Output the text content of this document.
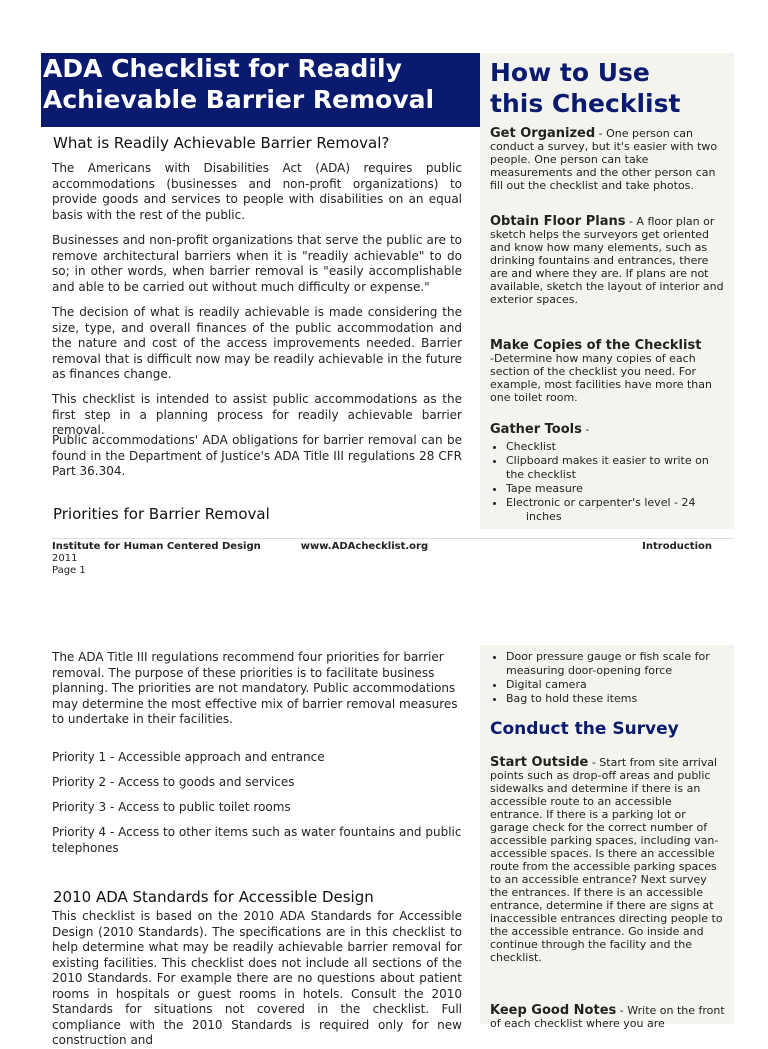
ADA Checklist for Readily
Achievable Barrier Removal
How to Use
this Checklist
Get Organized - One person can conduct a survey, but it's easier with two people. One person can take measurements and the other person can fill out the checklist and take photos.
Obtain Floor Plans - A floor plan or sketch helps the surveyors get oriented and know how many elements, such as drinking fountains and entrances, there are and where they are. If plans are not available, sketch the layout of interior and exterior spaces.
Make Copies of the Checklist
-Determine how many copies of each section of the checklist you need. For example, most facilities have more than one toilet room.
Gather Tools -
• Checklist
• Clipboard makes it easier to write on the checklist
• Tape measure
• Electronic or carpenter's level - 24
inches
What is Readily Achievable Barrier Removal?
The Americans with Disabilities Act (ADA) requires public accommodations (businesses and non-profit organizations) to provide goods and services to people with disabilities on an equal basis with the rest of the public.
Businesses and non-profit organizations that serve the public are to remove architectural barriers when it is "readily achievable" to do so; in other words, when barrier removal is "easily accomplishable and able to be carried out without much difficulty or expense."
The decision of what is readily achievable is made considering the size, type, and overall finances of the public accommodation and the nature and cost of the access improvements needed. Barrier removal that is difficult now may be readily achievable in the future as finances change.
This checklist is intended to assist public accommodations as the first step in a planning process for readily achievable barrier removal.
Public accommodations' ADA obligations for barrier removal can be found in the Department of Justice's ADA Title III regulations 28 CFR Part 36.304.
Priorities for Barrier Removal
Institute for Human Centered Design	www.ADAchecklist.org	Introduction
2011
Page 1
• Door pressure gauge or fish scale for measuring door-opening force
• Digital camera
• Bag to hold these items
Conduct the Survey
Start Outside - Start from site arrival points such as drop-off areas and public sidewalks and determine if there is an accessible route to an accessible entrance. If there is a parking lot or garage check for the correct number of accessible parking spaces, including van-accessible spaces. Is there an accessible route from the accessible parking spaces to an accessible entrance? Next survey the entrances. If there is an accessible entrance, determine if there are signs at inaccessible entrances directing people to the accessible entrance. Go inside and continue through the facility and the checklist.
Keep Good Notes - Write on the front of each checklist where you are
The ADA Title III regulations recommend four priorities for barrier removal. The purpose of these priorities is to facilitate business planning. The priorities are not mandatory. Public accommodations may determine the most effective mix of barrier removal measures to undertake in their facilities.
Priority 1 - Accessible approach and entrance
Priority 2 - Access to goods and services
Priority 3 - Access to public toilet rooms
Priority 4 - Access to other items such as water fountains and public telephones
2010 ADA Standards for Accessible Design
This checklist is based on the 2010 ADA Standards for Accessible Design (2010 Standards). The specifications are in this checklist to help determine what may be readily achievable barrier removal for existing facilities. This checklist does not include all sections of the 2010 Standards. For example there are no questions about patient rooms in hospitals or guest rooms in hotels. Consult the 2010 Standards for situations not covered in the checklist. Full compliance with the 2010 Standards is required only for new construction and
